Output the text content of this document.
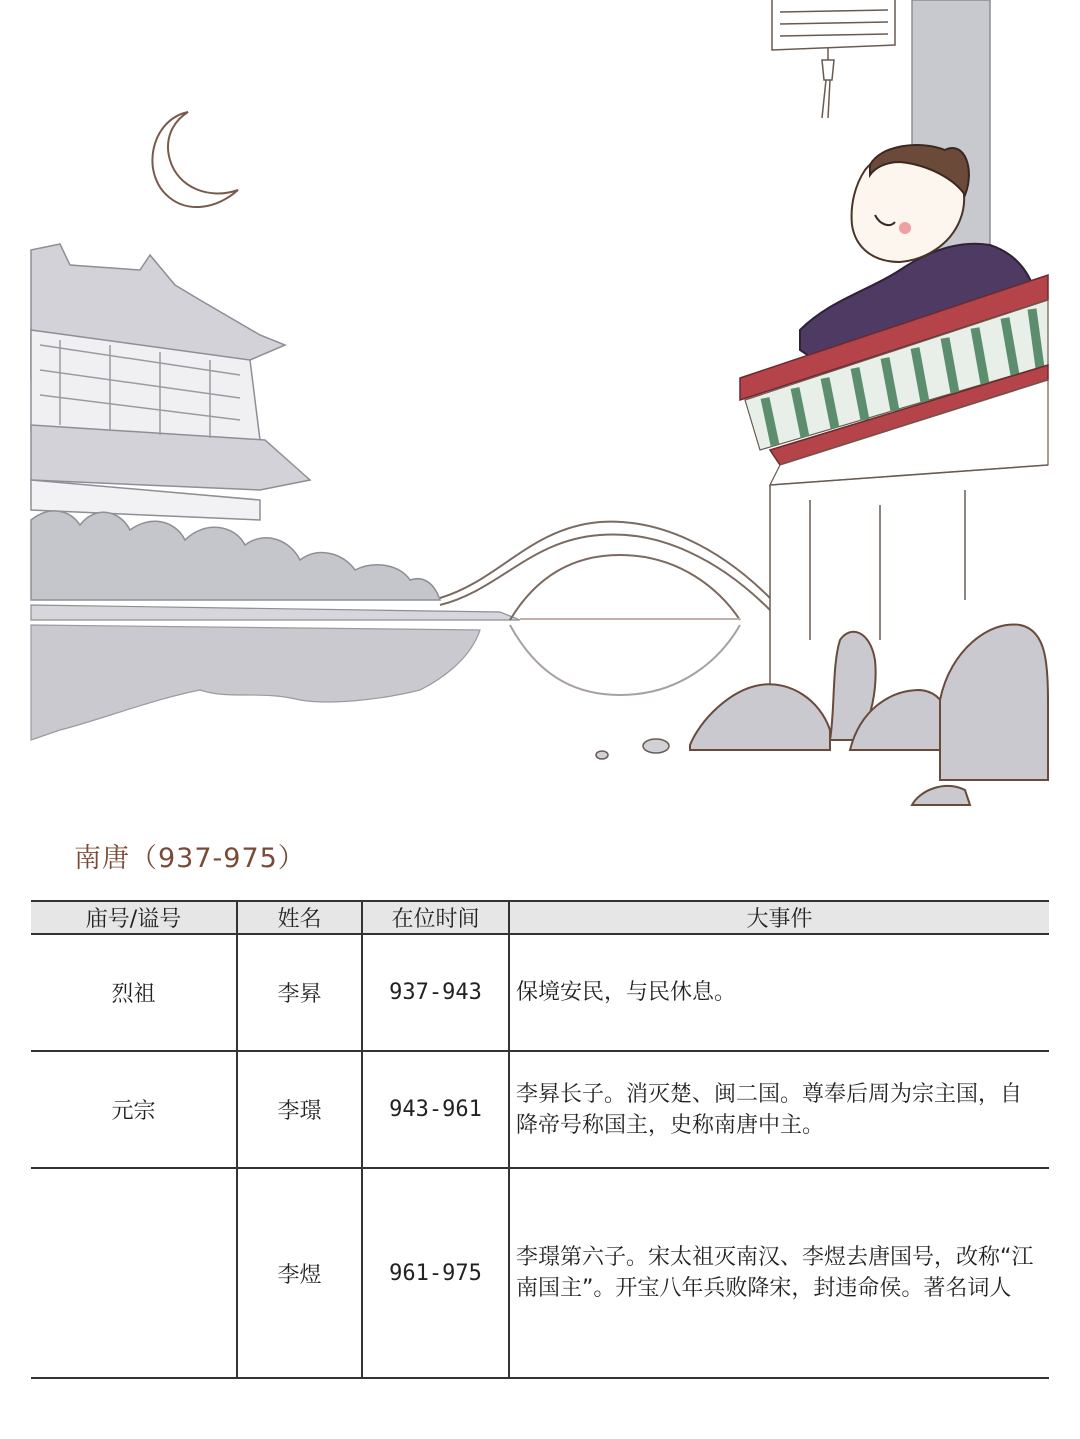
南唐（937-975）
庙号/谥号	姓名	在位时间	大事件
烈祖	李昪	937-943	保境安民，与民休息。
元宗	李璟	943-961	李昪长子。消灭楚、闽二国。尊奉后周为宗主国，自降帝号称国主，史称南唐中主。
	李煜	961-975	李璟第六子。宋太祖灭南汉、李煜去唐国号，改称“江南国主”。开宝八年兵败降宋，封违命侯。著名词人
